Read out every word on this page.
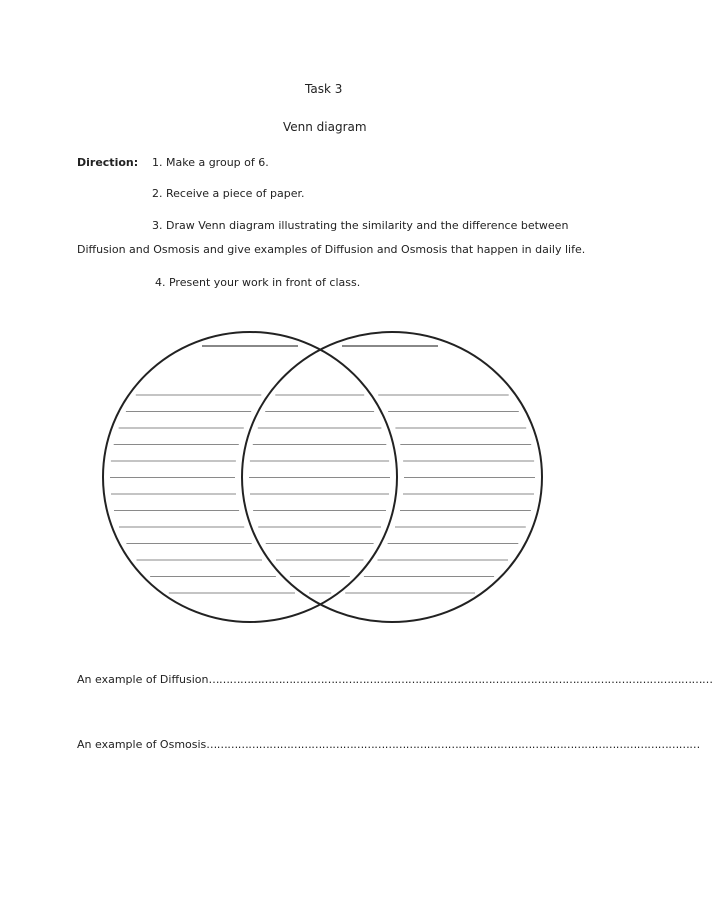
Task 3
Venn diagram
Direction: 1. Make a group of 6.
2. Receive a piece of paper.
3. Draw Venn diagram illustrating the similarity and the difference between
Diffusion and Osmosis and give examples of Diffusion and Osmosis that happen in daily life.
4. Present your work in front of class.
An example of Diffusion………………………………………………………………………………………………………………………………
An example of Osmosis……………………………………………………………………………………………………………………………
